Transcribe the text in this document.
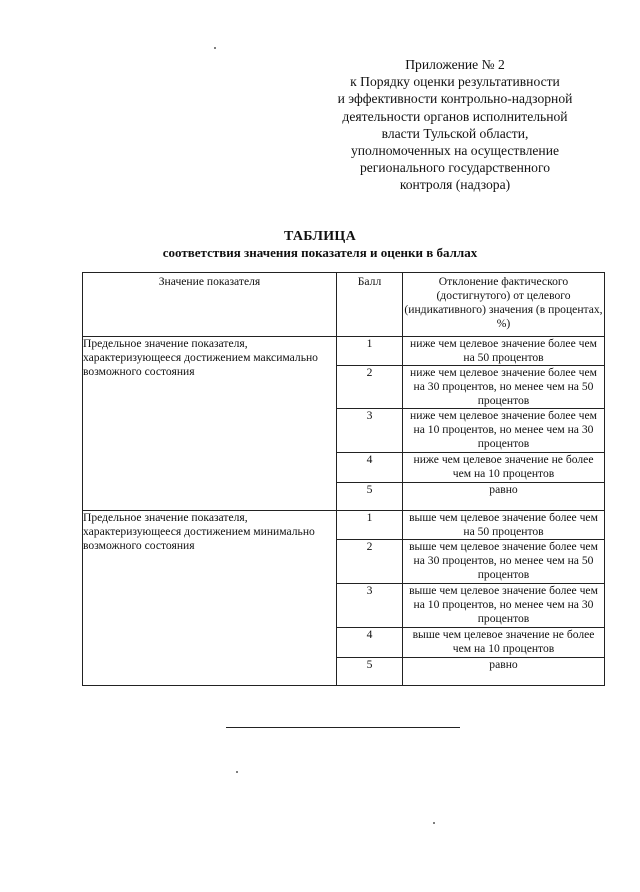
Приложение № 2
к Порядку оценки результативности
и эффективности контрольно-надзорной
деятельности органов исполнительной
власти Тульской области,
уполномоченных на осуществление
регионального государственного
контроля (надзора)
ТАБЛИЦА
соответствия значения показателя и оценки в баллах
Значение показателя	Балл	Отклонение фактического (достигнутого) от целевого (индикативного) значения (в процентах, %)
Предельное значение показателя, характеризующееся достижением максимально возможного состояния	1	ниже чем целевое значение более чем на 50 процентов
	2	ниже чем целевое значение более чем на 30 процентов, но менее чем на 50 процентов
	3	ниже чем целевое значение более чем на 10 процентов, но менее чем на 30 процентов
	4	ниже чем целевое значение не более чем на 10 процентов
	5	равно
Предельное значение показателя, характеризующееся достижением минимально возможного состояния	1	выше чем целевое значение более чем на 50 процентов
	2	выше чем целевое значение более чем на 30 процентов, но менее чем на 50 процентов
	3	выше чем целевое значение более чем на 10 процентов, но менее чем на 30 процентов
	4	выше чем целевое значение не более чем на 10 процентов
	5	равно
